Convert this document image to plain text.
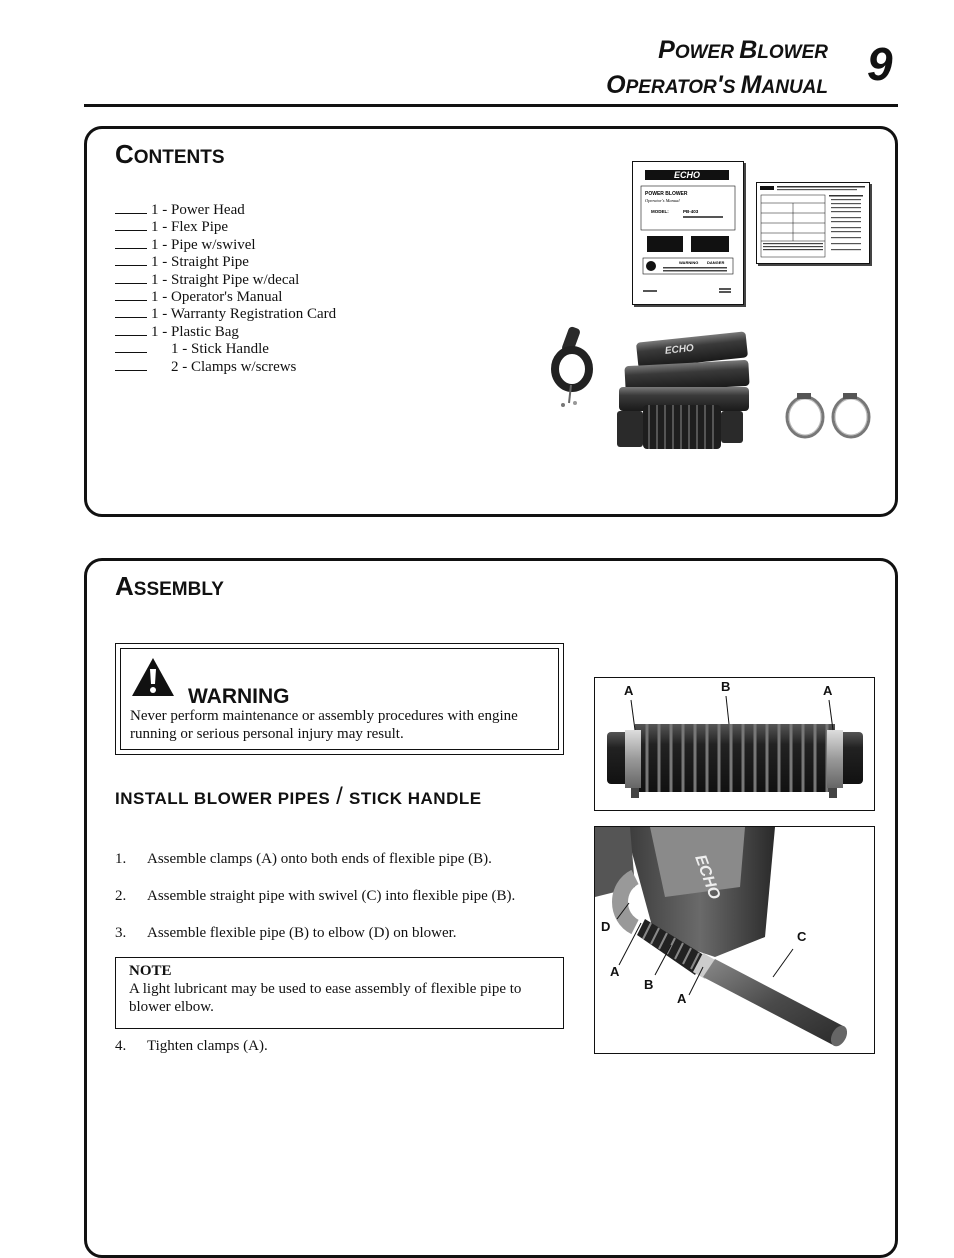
POWER BLOWER
OPERATOR'S MANUAL 9
CONTENTS
1 - Power Head
1 - Flex Pipe
1 - Pipe w/swivel
1 - Straight Pipe
1 - Straight Pipe w/decal
1 - Operator's Manual
1 - Warranty Registration Card
1 - Plastic Bag
1 - Stick Handle
2 - Clamps w/screws
ECHO
POWER BLOWER
Operator's Manual
MODEL:	PB-403
WARNING DANGER
ECHO
ASSEMBLY
WARNING
Never perform maintenance or assembly procedures with engine running or serious personal injury may result.
INSTALL BLOWER PIPES / STICK HANDLE
1. Assemble clamps (A) onto both ends of flexible pipe (B).
2. Assemble straight pipe with swivel (C) into flexible pipe (B).
3. Assemble flexible pipe (B) to elbow (D) on blower.
NOTE
A light lubricant may be used to ease assembly of flexible pipe to blower elbow.
4. Tighten clamps (A).
A	B	A
ECHO
D
A
B
A
C
